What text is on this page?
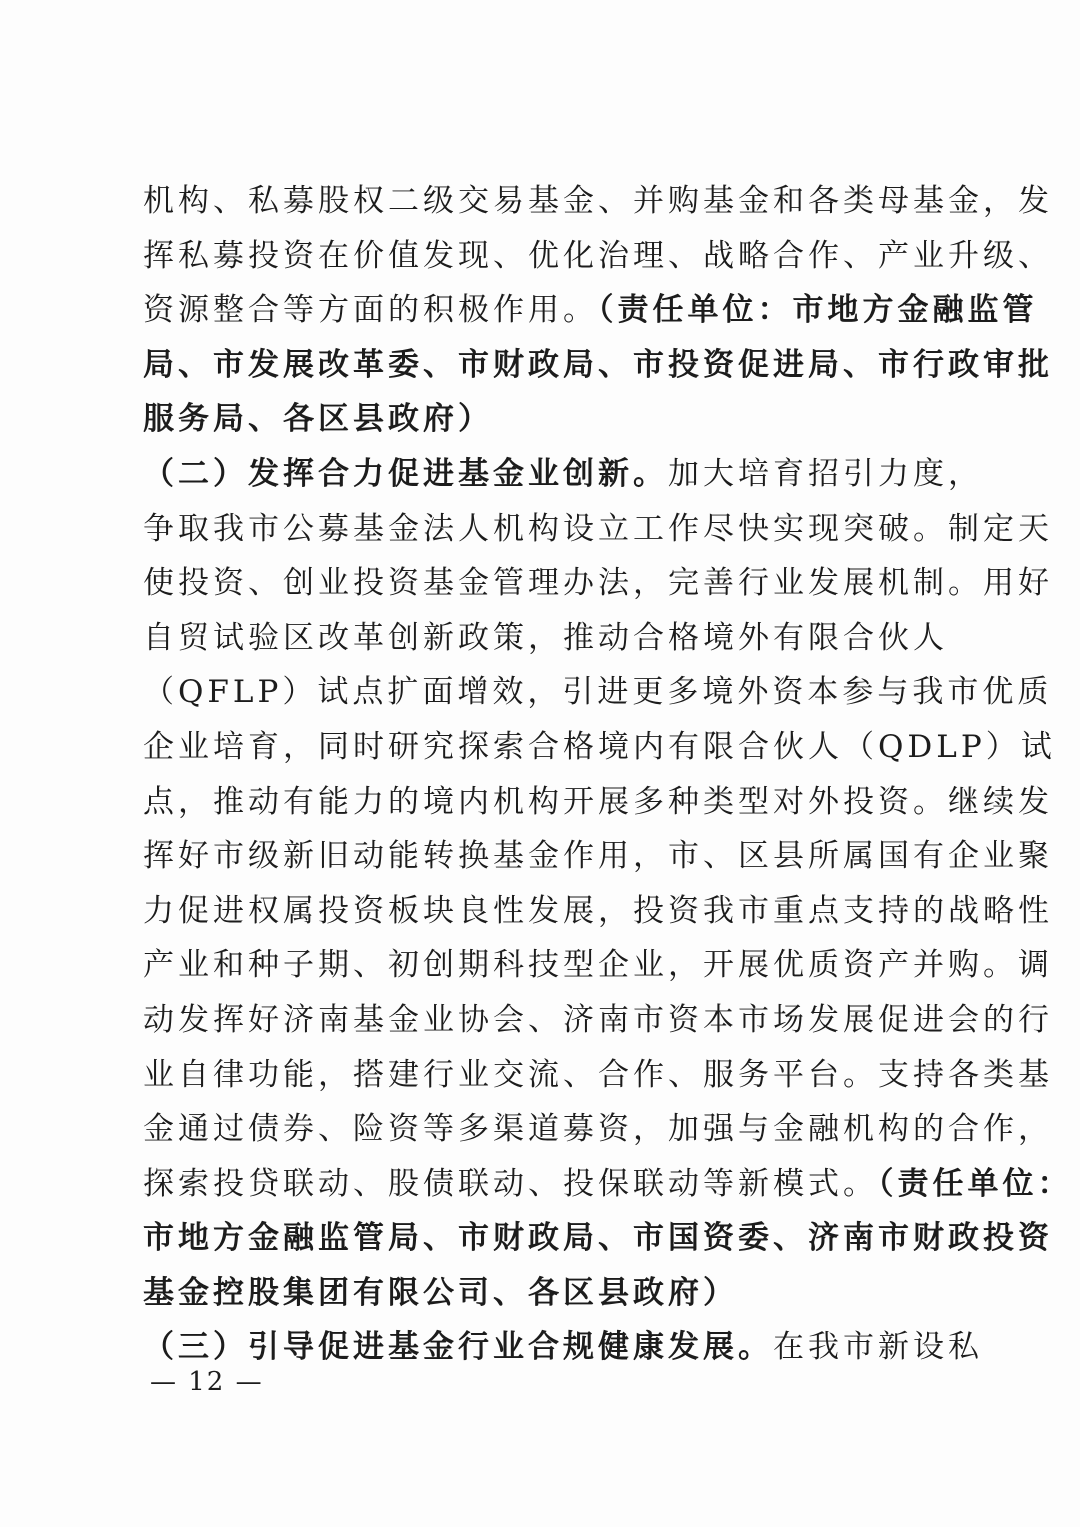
机构、私募股权二级交易基金、并购基金和各类母基金，发
挥私募投资在价值发现、优化治理、战略合作、产业升级、
资源整合等方面的积极作用。（责任单位：市地方金融监管
局、市发展改革委、市财政局、市投资促进局、市行政审批
服务局、各区县政府）
（二）发挥合力促进基金业创新。加大培育招引力度，
争取我市公募基金法人机构设立工作尽快实现突破。制定天
使投资、创业投资基金管理办法，完善行业发展机制。用好
自贸试验区改革创新政策，推动合格境外有限合伙人
（QFLP）试点扩面增效，引进更多境外资本参与我市优质
企业培育，同时研究探索合格境内有限合伙人（QDLP）试
点，推动有能力的境内机构开展多种类型对外投资。继续发
挥好市级新旧动能转换基金作用，市、区县所属国有企业聚
力促进权属投资板块良性发展，投资我市重点支持的战略性
产业和种子期、初创期科技型企业，开展优质资产并购。调
动发挥好济南基金业协会、济南市资本市场发展促进会的行
业自律功能，搭建行业交流、合作、服务平台。支持各类基
金通过债券、险资等多渠道募资，加强与金融机构的合作，
探索投贷联动、股债联动、投保联动等新模式。（责任单位：
市地方金融监管局、市财政局、市国资委、济南市财政投资
基金控股集团有限公司、各区县政府）
（三）引导促进基金行业合规健康发展。在我市新设私
— 12 —
